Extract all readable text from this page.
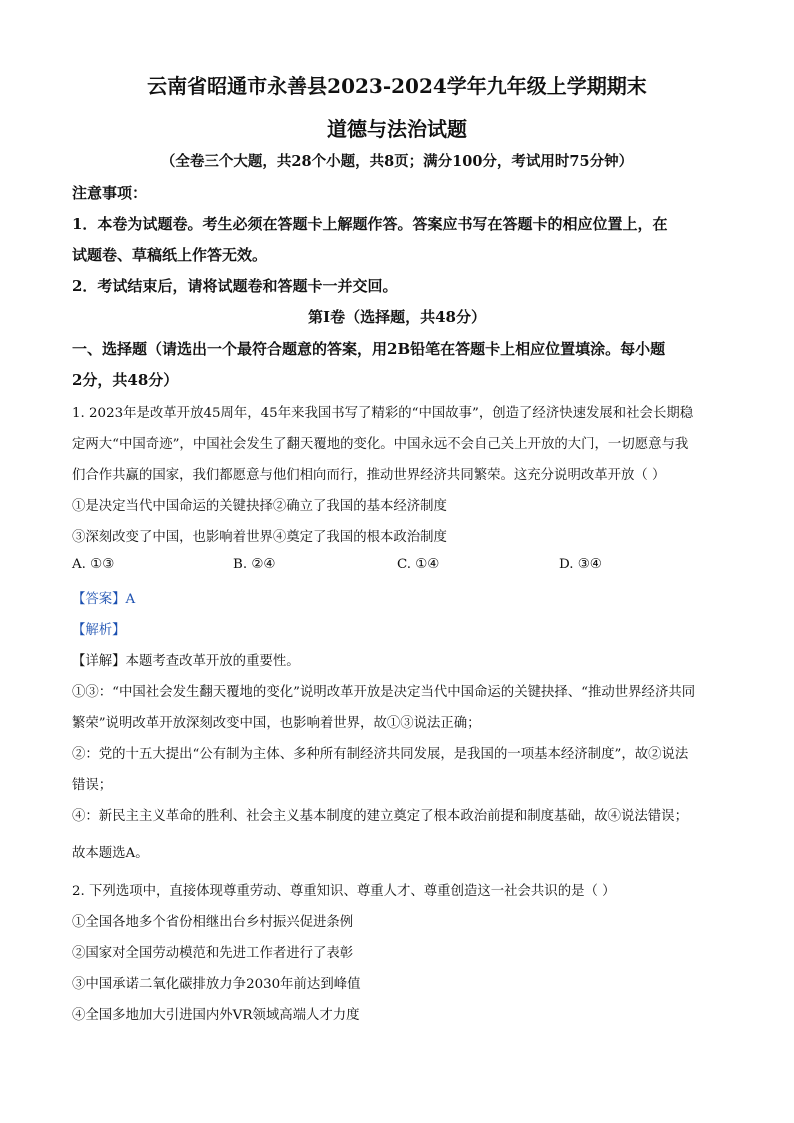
云南省昭通市永善县2023-2024学年九年级上学期期末
道德与法治试题
（全卷三个大题，共28个小题，共8页；满分100分，考试用时75分钟）
注意事项：
1．本卷为试题卷。考生必须在答题卡上解题作答。答案应书写在答题卡的相应位置上，在
试题卷、草稿纸上作答无效。
2．考试结束后，请将试题卷和答题卡一并交回。
第Ⅰ卷（选择题，共48分）
一、选择题（请选出一个最符合题意的答案，用2B铅笔在答题卡上相应位置填涂。每小题
2分，共48分）
1. 2023年是改革开放45周年，45年来我国书写了精彩的“中国故事”，创造了经济快速发展和社会长期稳
定两大“中国奇迹”，中国社会发生了翻天覆地的变化。中国永远不会自己关上开放的大门，一切愿意与我
们合作共赢的国家，我们都愿意与他们相向而行，推动世界经济共同繁荣。这充分说明改革开放（ ）
①是决定当代中国命运的关键抉择②确立了我国的基本经济制度
③深刻改变了中国，也影响着世界④奠定了我国的根本政治制度
A. ①③	B. ②④	C. ①④	D. ③④
【答案】A
【解析】
【详解】本题考查改革开放的重要性。
①③：“中国社会发生翻天覆地的变化”说明改革开放是决定当代中国命运的关键抉择、“推动世界经济共同
繁荣”说明改革开放深刻改变中国，也影响着世界，故①③说法正确；
②：党的十五大提出“公有制为主体、多种所有制经济共同发展，是我国的一项基本经济制度”，故②说法
错误；
④：新民主主义革命的胜利、社会主义基本制度的建立奠定了根本政治前提和制度基础，故④说法错误；
故本题选A。
2. 下列选项中，直接体现尊重劳动、尊重知识、尊重人才、尊重创造这一社会共识的是（ ）
①全国各地多个省份相继出台乡村振兴促进条例
②国家对全国劳动模范和先进工作者进行了表彰
③中国承诺二氧化碳排放力争2030年前达到峰值
④全国多地加大引进国内外VR领域高端人才力度
